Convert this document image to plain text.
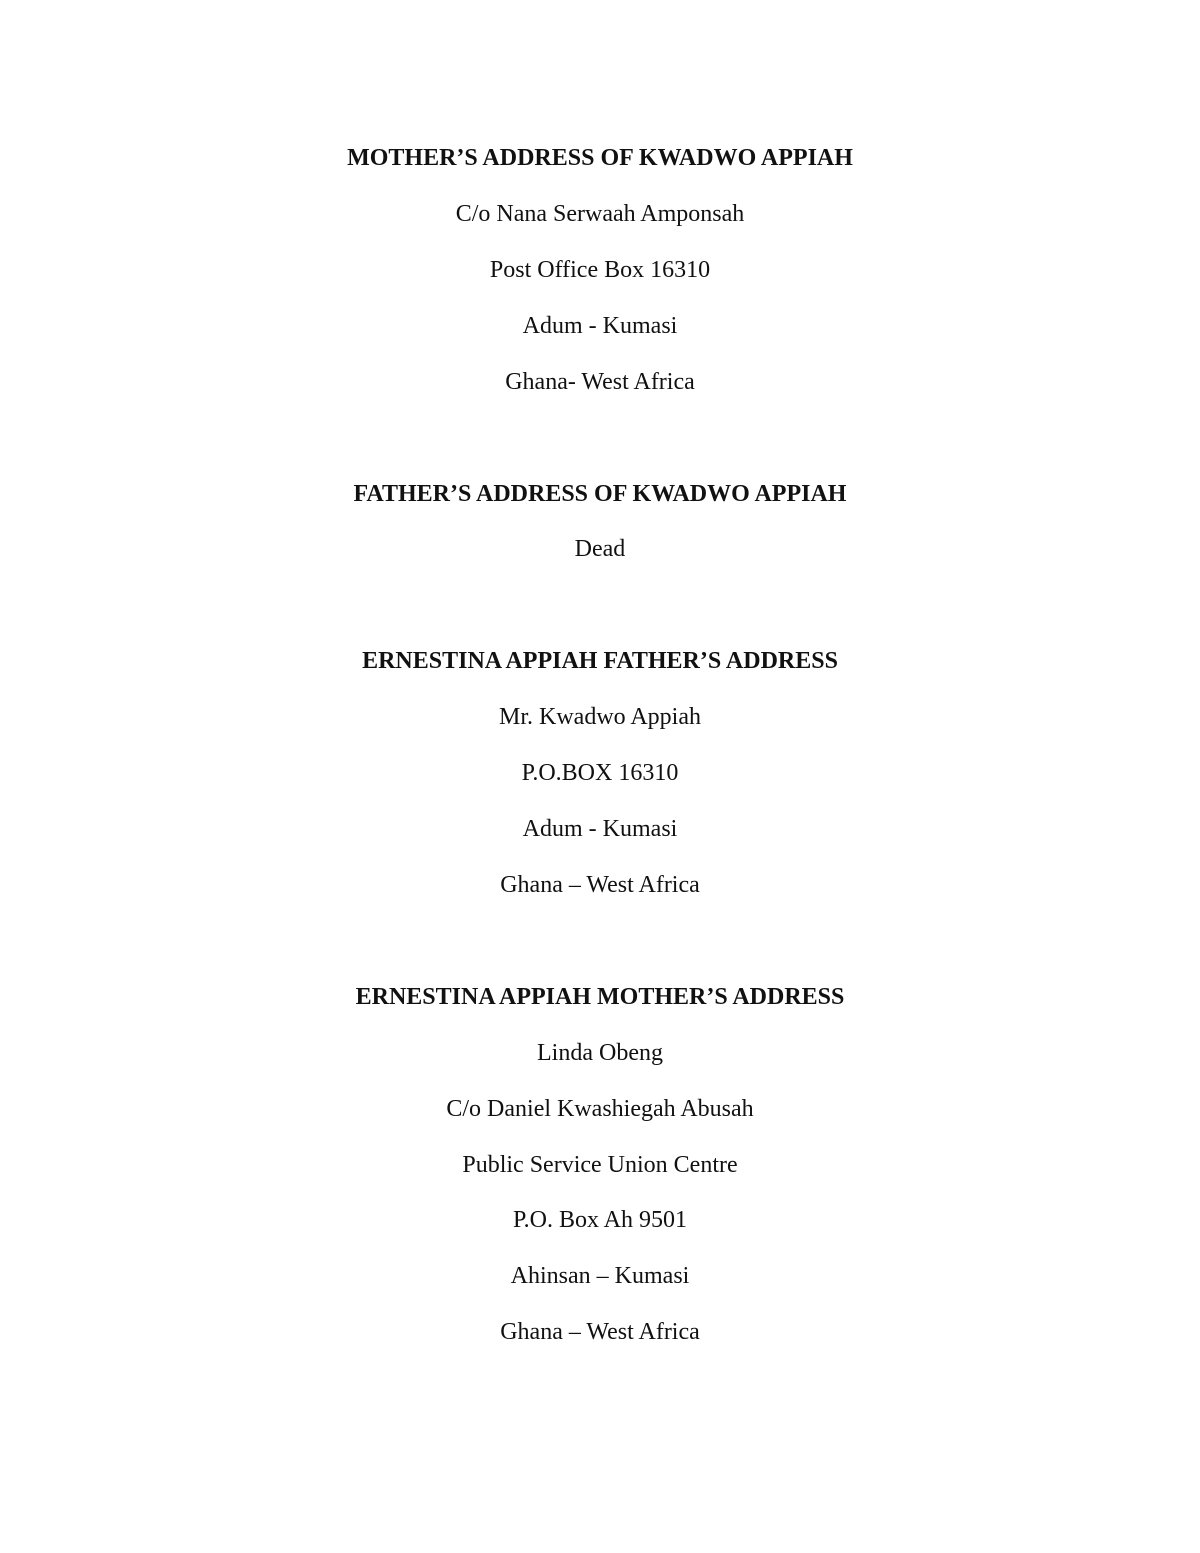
MOTHER’S ADDRESS OF KWADWO APPIAH
C/o Nana Serwaah Amponsah
Post Office Box 16310
Adum - Kumasi
Ghana- West Africa
FATHER’S ADDRESS OF KWADWO APPIAH
Dead
ERNESTINA APPIAH FATHER’S ADDRESS
Mr. Kwadwo Appiah
P.O.BOX 16310
Adum - Kumasi
Ghana – West Africa
ERNESTINA APPIAH MOTHER’S ADDRESS
Linda Obeng
C/o Daniel Kwashiegah Abusah
Public Service Union Centre
P.O. Box Ah 9501
Ahinsan – Kumasi
Ghana – West Africa
